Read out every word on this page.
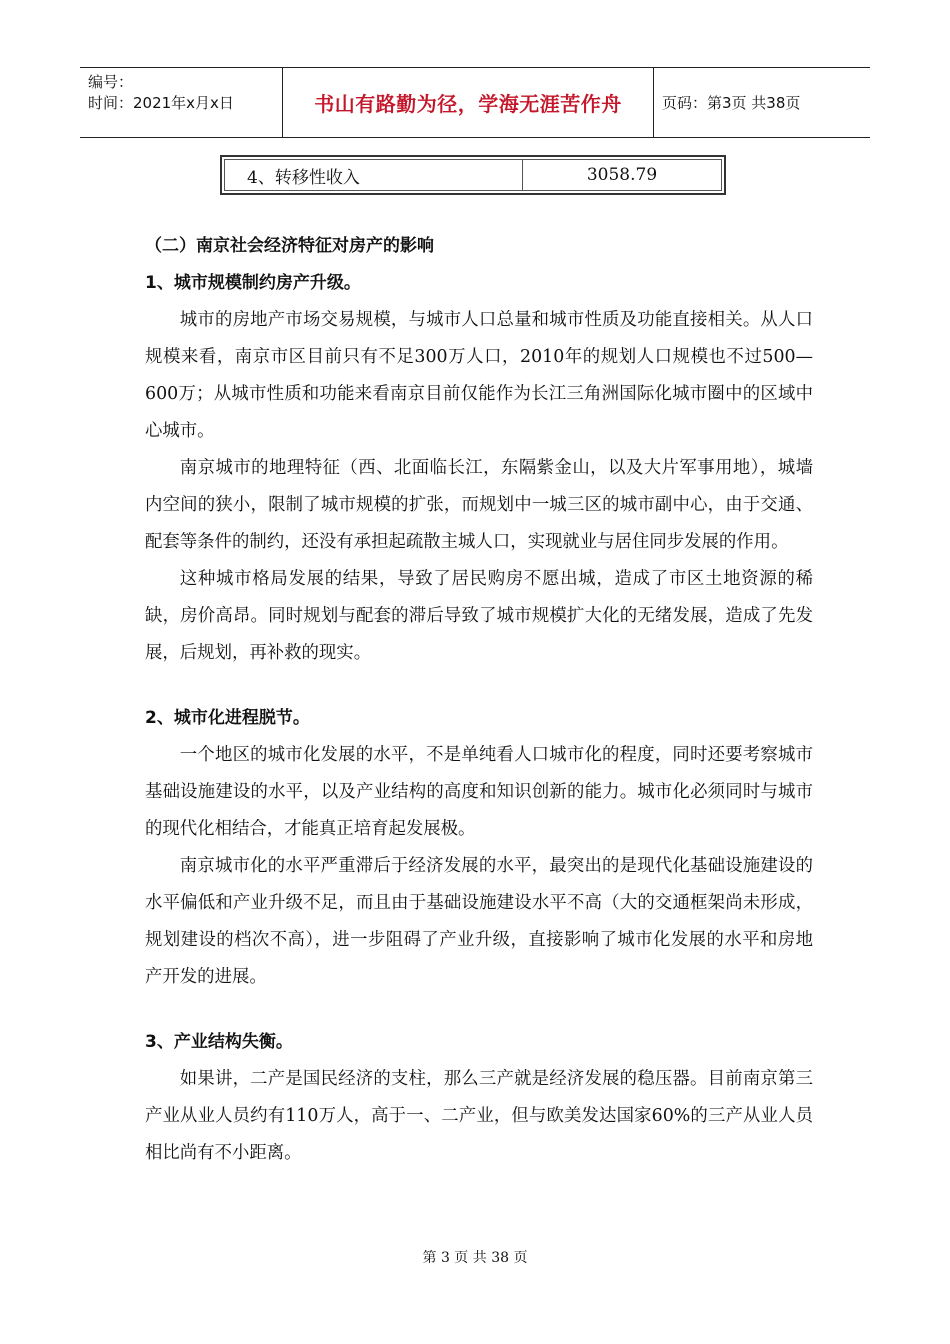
编号：
时间：2021年x月x日	书山有路勤为径，学海无涯苦作舟	页码：第3页 共38页
4、转移性收入	3058.79
（二）南京社会经济特征对房产的影响
1、城市规模制约房产升级。

城市的房地产市场交易规模，与城市人口总量和城市性质及功能直接相关。从人口规模来看，南京市区目前只有不足300万人口，2010年的规划人口规模也不过500—600万；从城市性质和功能来看南京目前仅能作为长江三角洲国际化城市圈中的区域中心城市。

南京城市的地理特征（西、北面临长江，东隔紫金山，以及大片军事用地），城墙内空间的狭小，限制了城市规模的扩张，而规划中一城三区的城市副中心，由于交通、配套等条件的制约，还没有承担起疏散主城人口，实现就业与居住同步发展的作用。

这种城市格局发展的结果，导致了居民购房不愿出城，造成了市区土地资源的稀缺，房价高昂。同时规划与配套的滞后导致了城市规模扩大化的无绪发展，造成了先发展，后规划，再补救的现实。

2、城市化进程脱节。

一个地区的城市化发展的水平，不是单纯看人口城市化的程度，同时还要考察城市基础设施建设的水平，以及产业结构的高度和知识创新的能力。城市化必须同时与城市的现代化相结合，才能真正培育起发展极。

南京城市化的水平严重滞后于经济发展的水平，最突出的是现代化基础设施建设的水平偏低和产业升级不足，而且由于基础设施建设水平不高（大的交通框架尚未形成，规划建设的档次不高），进一步阻碍了产业升级，直接影响了城市化发展的水平和房地产开发的进展。

3、产业结构失衡。

如果讲，二产是国民经济的支柱，那么三产就是经济发展的稳压器。目前南京第三产业从业人员约有110万人，高于一、二产业，但与欧美发达国家60%的三产从业人员相比尚有不小距离。

第 3 页 共 38 页
